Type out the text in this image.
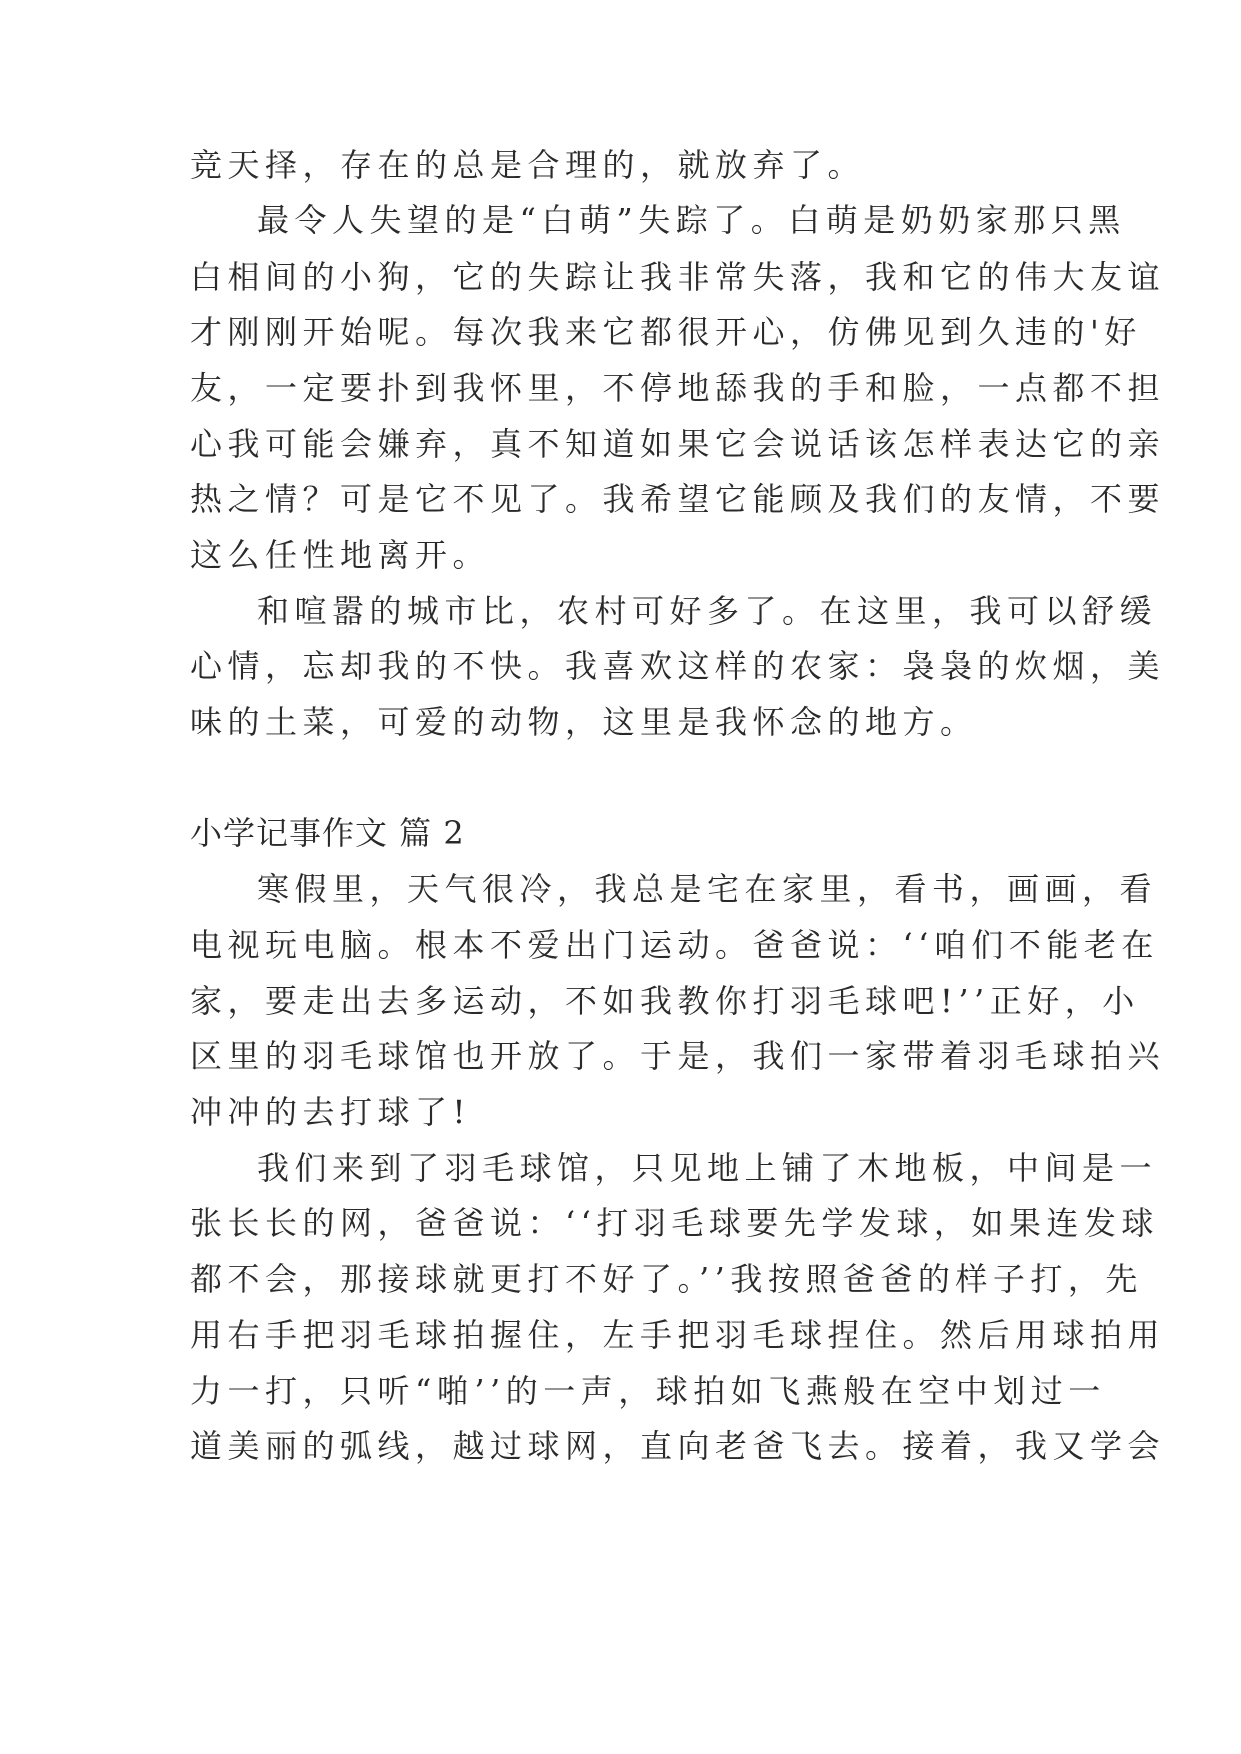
竞天择，存在的总是合理的，就放弃了。
最令人失望的是“白萌”失踪了。白萌是奶奶家那只黑
白相间的小狗，它的失踪让我非常失落，我和它的伟大友谊
才刚刚开始呢。每次我来它都很开心，仿佛见到久违的'好
友，一定要扑到我怀里，不停地舔我的手和脸，一点都不担
心我可能会嫌弃，真不知道如果它会说话该怎样表达它的亲
热之情？可是它不见了。我希望它能顾及我们的友情，不要
这么任性地离开。
和喧嚣的城市比，农村可好多了。在这里，我可以舒缓
心情，忘却我的不快。我喜欢这样的农家：袅袅的炊烟，美
味的土菜，可爱的动物，这里是我怀念的地方。
小学记事作文 篇 2
寒假里，天气很冷，我总是宅在家里，看书，画画，看
电视玩电脑。根本不爱出门运动。爸爸说：‘‘咱们不能老在
家，要走出去多运动，不如我教你打羽毛球吧!’’正好，小
区里的羽毛球馆也开放了。于是，我们一家带着羽毛球拍兴
冲冲的去打球了!
我们来到了羽毛球馆，只见地上铺了木地板，中间是一
张长长的网，爸爸说：‘‘打羽毛球要先学发球，如果连发球
都不会，那接球就更打不好了。’’我按照爸爸的样子打，先
用右手把羽毛球拍握住，左手把羽毛球捏住。然后用球拍用
力一打，只听“啪’’的一声，球拍如飞燕般在空中划过一
道美丽的弧线，越过球网，直向老爸飞去。接着，我又学会
